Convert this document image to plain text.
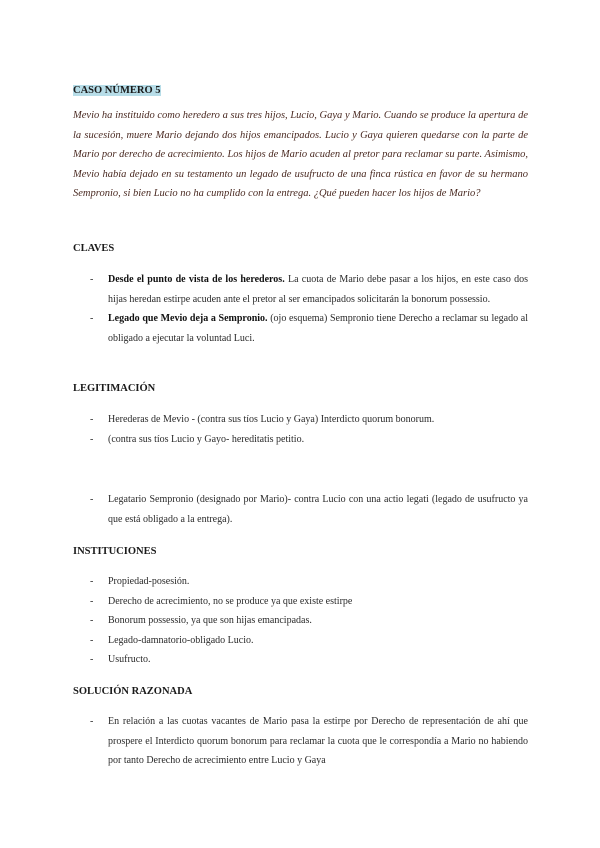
CASO NÚMERO 5

Mevio ha instituido como heredero a sus tres hijos, Lucio, Gaya y Mario. Cuando se produce la apertura de la sucesión, muere Mario dejando dos hijos emancipados. Lucio y Gaya quieren quedarse con la parte de Mario por derecho de acrecimiento. Los hijos de Mario acuden al pretor para reclamar su parte. Asimismo, Mevio había dejado en su testamento un legado de usufructo de una finca rústica en favor de su hermano Sempronio, si bien Lucio no ha cumplido con la entrega. ¿Qué pueden hacer los hijos de Mario?

CLAVES

- Desde el punto de vista de los herederos. La cuota de Mario debe pasar a los hijos, en este caso dos hijas heredan estirpe acuden ante el pretor al ser emancipados solicitarán la bonorum possessio.
- Legado que Mevio deja a Sempronio. (ojo esquema) Sempronio tiene Derecho a reclamar su legado al obligado a ejecutar la voluntad Luci.

LEGITIMACIÓN

- Herederas de Mevio - (contra sus tíos Lucio y Gaya) Interdicto quorum bonorum.
- (contra sus tíos Lucio y Gayo- hereditatis petitio.
- Legatario Sempronio (designado por Mario)- contra Lucio con una actio legati (legado de usufructo ya que está obligado a la entrega).

INSTITUCIONES

- Propiedad-posesión.
- Derecho de acrecimiento, no se produce ya que existe estirpe
- Bonorum possessio, ya que son hijas emancipadas.
- Legado-damnatorio-obligado Lucio.
- Usufructo.

SOLUCIÓN RAZONADA

- En relación a las cuotas vacantes de Mario pasa la estirpe por Derecho de representación de ahí que prospere el Interdicto quorum bonorum para reclamar la cuota que le correspondía a Mario no habiendo por tanto Derecho de acrecimiento entre Lucio y Gaya
